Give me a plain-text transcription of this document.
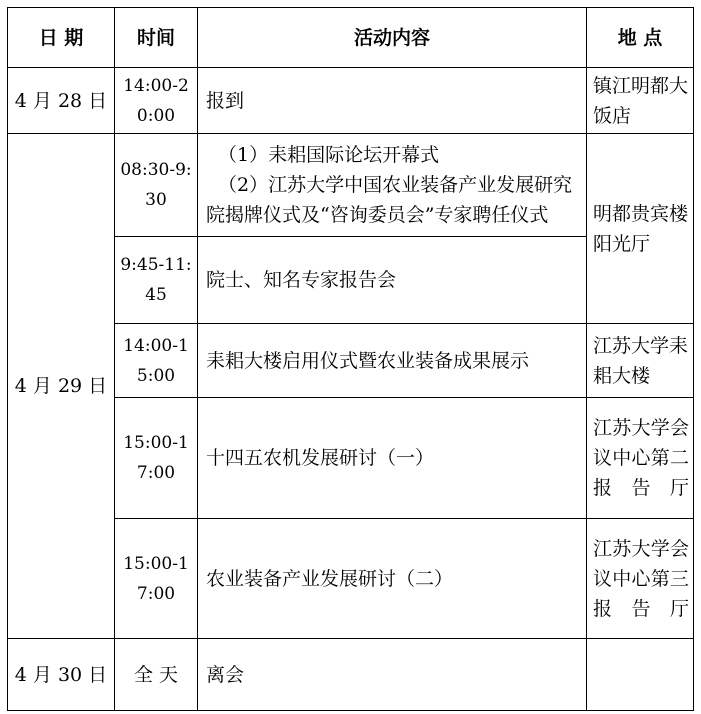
日 期	时间	活动内容	地 点
4 月 28 日	14:00-20:00	报到	镇江明都大饭店
4 月 29 日	08:30-9:30	（1）耒耜国际论坛开幕式
（2）江苏大学中国农业装备产业发展研究
院揭牌仪式及“咨询委员会”专家聘任仪式	明都贵宾楼阳光厅
	9:45-11:45	院士、知名专家报告会	
	14:00-15:00	耒耜大楼启用仪式暨农业装备成果展示	江苏大学耒耜大楼
	15:00-17:00	十四五农机发展研讨（一）	江苏大学会议中心第二报告厅
	15:00-17:00	农业装备产业发展研讨（二）	江苏大学会议中心第三报告厅
4 月 30 日	全 天	离会	
